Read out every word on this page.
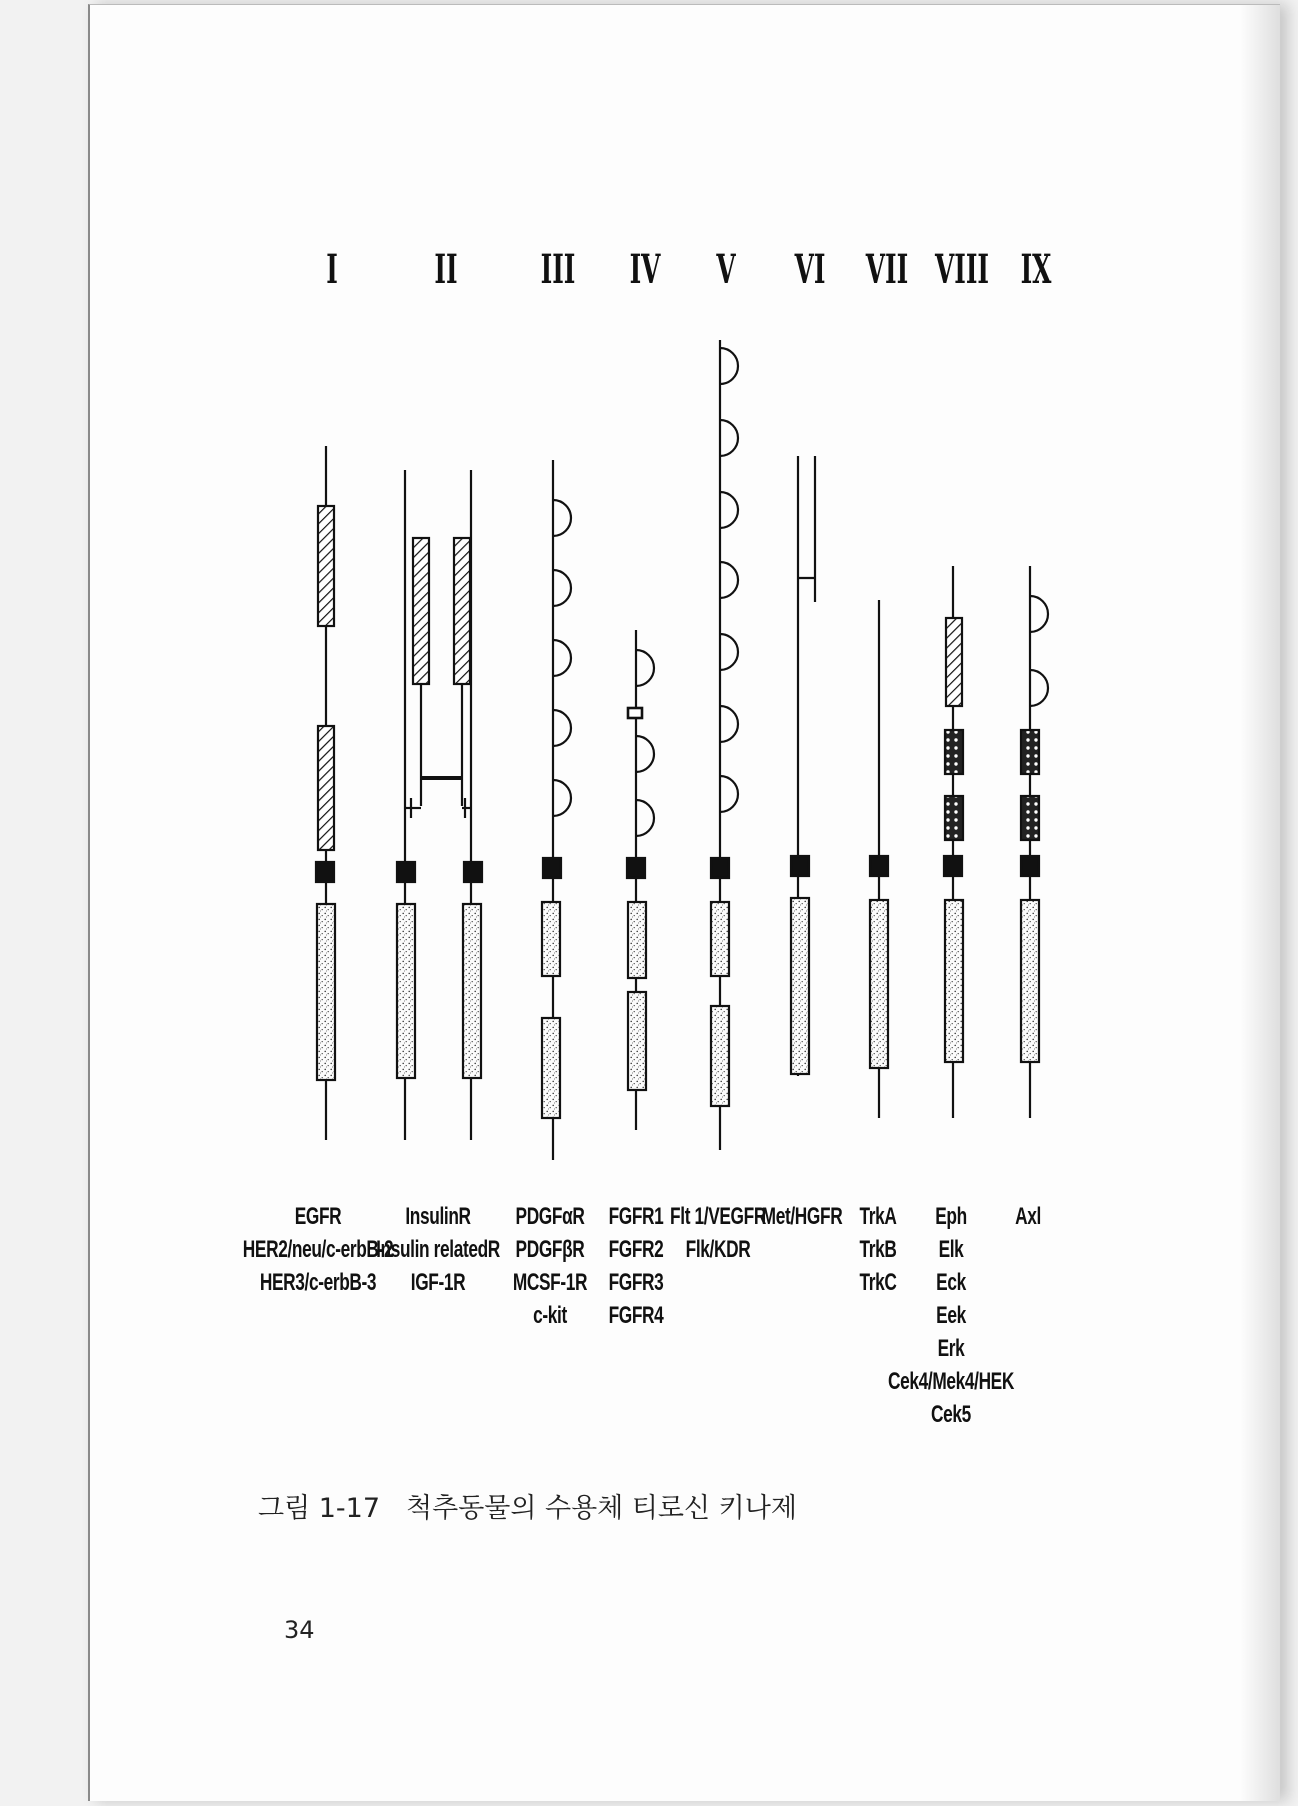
I II III IV V VI VII VIII IX
EGFR
HER2/neu/c-erbB-2
HER3/c-erbB-3
InsulinR
Insulin relatedR
IGF-1R
PDGFαR
PDGFβR
MCSF-1R
c-kit
FGFR1
FGFR2
FGFR3
FGFR4
Flt 1/VEGFR
Flk/KDR
Met/HGFR TrkA
TrkB
TrkC
Eph
Elk
Eck
Eek
Erk
Cek4/Mek4/HEK
Cek5
Axl
그림 1-17 척추동물의 수용체 티로신 키나제
34
